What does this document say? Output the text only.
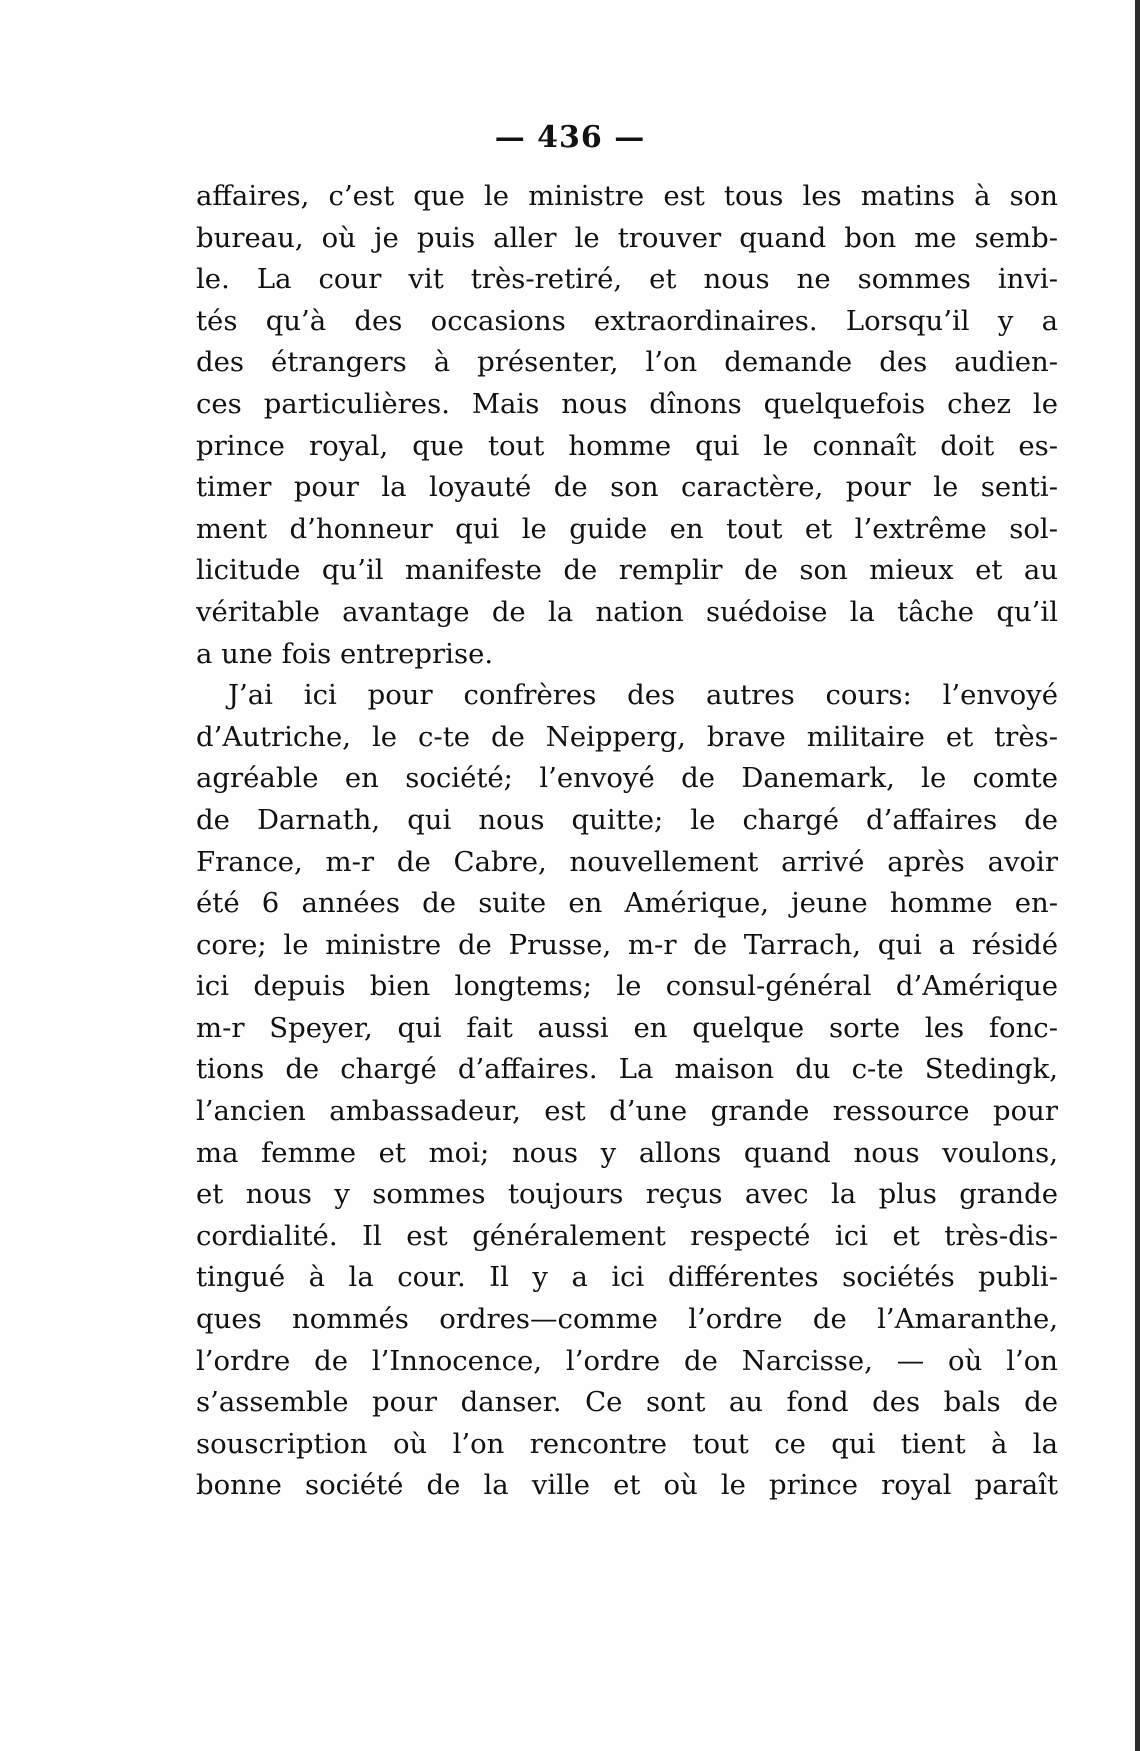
— 436 —
affaires, c’est que le ministre est tous les matins à son
bureau, où je puis aller le trouver quand bon me semb-
le. La cour vit très-retiré, et nous ne sommes invi-
tés qu’à des occasions extraordinaires. Lorsqu’il y a
des étrangers à présenter, l’on demande des audien-
ces particulières. Mais nous dînons quelquefois chez le
prince royal, que tout homme qui le connaît doit es-
timer pour la loyauté de son caractère, pour le senti-
ment d’honneur qui le guide en tout et l’extrême sol-
licitude qu’il manifeste de remplir de son mieux et au
véritable avantage de la nation suédoise la tâche qu’il
a une fois entreprise.
J’ai ici pour confrères des autres cours: l’envoyé
d’Autriche, le c-te de Neipperg, brave militaire et très-
agréable en société; l’envoyé de Danemark, le comte
de Darnath, qui nous quitte; le chargé d’affaires de
France, m-r de Cabre, nouvellement arrivé après avoir
été 6 années de suite en Amérique, jeune homme en-
core; le ministre de Prusse, m-r de Tarrach, qui a résidé
ici depuis bien longtems; le consul-général d’Amérique
m-r Speyer, qui fait aussi en quelque sorte les fonc-
tions de chargé d’affaires. La maison du c-te Stedingk,
l’ancien ambassadeur, est d’une grande ressource pour
ma femme et moi; nous y allons quand nous voulons,
et nous y sommes toujours reçus avec la plus grande
cordialité. Il est généralement respecté ici et très-dis-
tingué à la cour. Il y a ici différentes sociétés publi-
ques nommés ordres—comme l’ordre de l’Amaranthe,
l’ordre de l’Innocence, l’ordre de Narcisse, — où l’on
s’assemble pour danser. Ce sont au fond des bals de
souscription où l’on rencontre tout ce qui tient à la
bonne société de la ville et où le prince royal paraît
